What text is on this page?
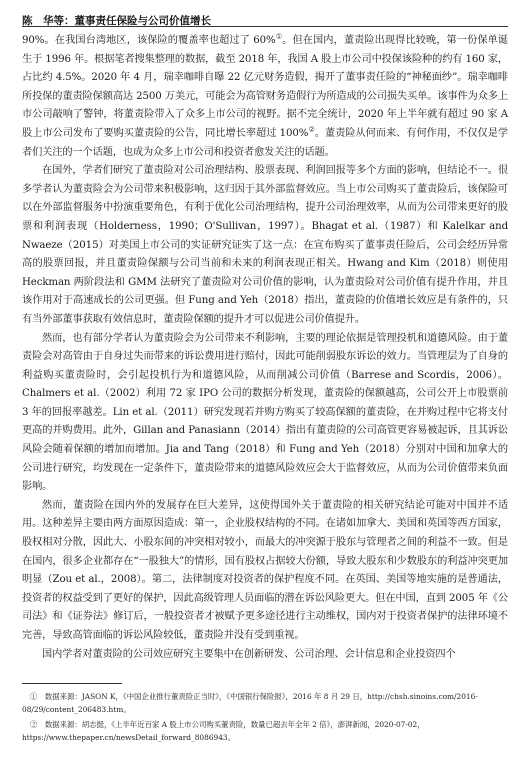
陈　华等：董事责任保险与公司价值增长

90%。在我国台湾地区，该保险的覆盖率也超过了 60%①。但在国内，董责险出现得比较晚，第一份保单诞生于 1996 年。根据笔者搜集整理的数据，截至 2018 年，我国 A 股上市公司中投保该险种的约有 160 家，占比约 4.5%。2020 年 4 月，瑞幸咖啡自曝 22 亿元财务造假，揭开了董事责任险的“神秘面纱”。瑞幸咖啡所投保的董责险保额高达 2500 万美元，可能会为高管财务造假行为所造成的公司损失买单。该事件为众多上市公司敲响了警钟，将董责险带入了众多上市公司的视野。据不完全统计，2020 年上半年就有超过 90 家 A 股上市公司发布了要购买董责险的公告，同比增长率超过 100%②。董责险从何而来、有何作用，不仅仅是学者们关注的一个话题，也成为众多上市公司和投资者愈发关注的话题。

在国外，学者们研究了董责险对公司治理结构、股票表现、利润回报等多个方面的影响，但结论不一。很多学者认为董责险会为公司带来积极影响，这归因于其外部监督效应。当上市公司购买了董责险后，该保险可以在外部监督服务中扮演重要角色，有利于优化公司治理结构，提升公司治理效率，从而为公司带来更好的股票和利润表现（Holderness，1990；O'Sullivan，1997）。Bhagat et al.（1987）和 Kalelkar and Nwaeze（2015）对美国上市公司的实证研究证实了这一点：在宣布购买了董事责任险后，公司会经历异常高的股票回报，并且董责险保额与公司当前和未来的利润表现正相关。Hwang and Kim（2018）则使用 Heckman 两阶段法和 GMM 法研究了董责险对公司价值的影响，认为董责险对公司价值有提升作用，并且该作用对于高速成长的公司更强。但 Fung and Yeh（2018）指出，董责险的价值增长效应是有条件的，只有当外部董事获取有效信息时，董责险保额的提升才可以促进公司价值提升。

然而，也有部分学者认为董责险会为公司带来不利影响，主要的理论依据是管理投机和道德风险。由于董责险会对高管由于自身过失而带来的诉讼费用进行赔付，因此可能削弱股东诉讼的效力。当管理层为了自身的利益购买董责险时，会引起投机行为和道德风险，从而削减公司价值（Barrese and Scordis，2006）。Chalmers et al.（2002）利用 72 家 IPO 公司的数据分析发现，董责险的保额越高，公司公开上市股票前 3 年的回报率越差。Lin et al.（2011）研究发现若并购方购买了较高保额的董责险，在并购过程中它将支付更高的并购费用。此外，Gillan and Panasiann（2014）指出有董责险的公司高管更容易被起诉，且其诉讼风险会随着保额的增加而增加。Jia and Tang（2018）和 Fung and Yeh（2018）分别对中国和加拿大的公司进行研究，均发现在一定条件下，董责险带来的道德风险效应会大于监督效应，从而为公司价值带来负面影响。

然而，董责险在国内外的发展存在巨大差异，这使得国外关于董责险的相关研究结论可能对中国并不适用。这种差异主要由两方面原因造成：第一，企业股权结构的不同。在诸如加拿大、美国和英国等西方国家，股权相对分散，因此大、小股东间的冲突相对较小，而最大的冲突源于股东与管理者之间的利益不一致。但是在国内，很多企业都存在“一股独大”的情形，国有股权占据较大份额，导致大股东和少数股东的利益冲突更加明显（Zou et al.，2008）。第二，法律制度对投资者的保护程度不同。在英国、美国等地实施的是普通法，投资者的权益受到了更好的保护，因此高级管理人员面临的潜在诉讼风险更大。但在中国，直到 2005 年《公司法》和《证券法》修订后，一般投资者才被赋予更多途径进行主动维权，国内对于投资者保护的法律环境不完善，导致高管面临的诉讼风险较低，董责险并没有受到重视。

国内学者对董责险的公司效应研究主要集中在创新研发、公司治理、会计信息和企业投资四个

①　 数据来源：JASON K，《中国企业推行董责险正当时》，《中国银行保险报》，2016 年 8 月 29 日，http://chsh.sinoins.com/2016-08/29/content_206483.htm。

②　 数据来源：胡志挺，《上半年近百家 A 股上市公司购买董责险，数量已超去年全年 2 倍》，澎湃新闻，2020-07-02，https://www.thepaper.cn/newsDetail_forward_8086943。
